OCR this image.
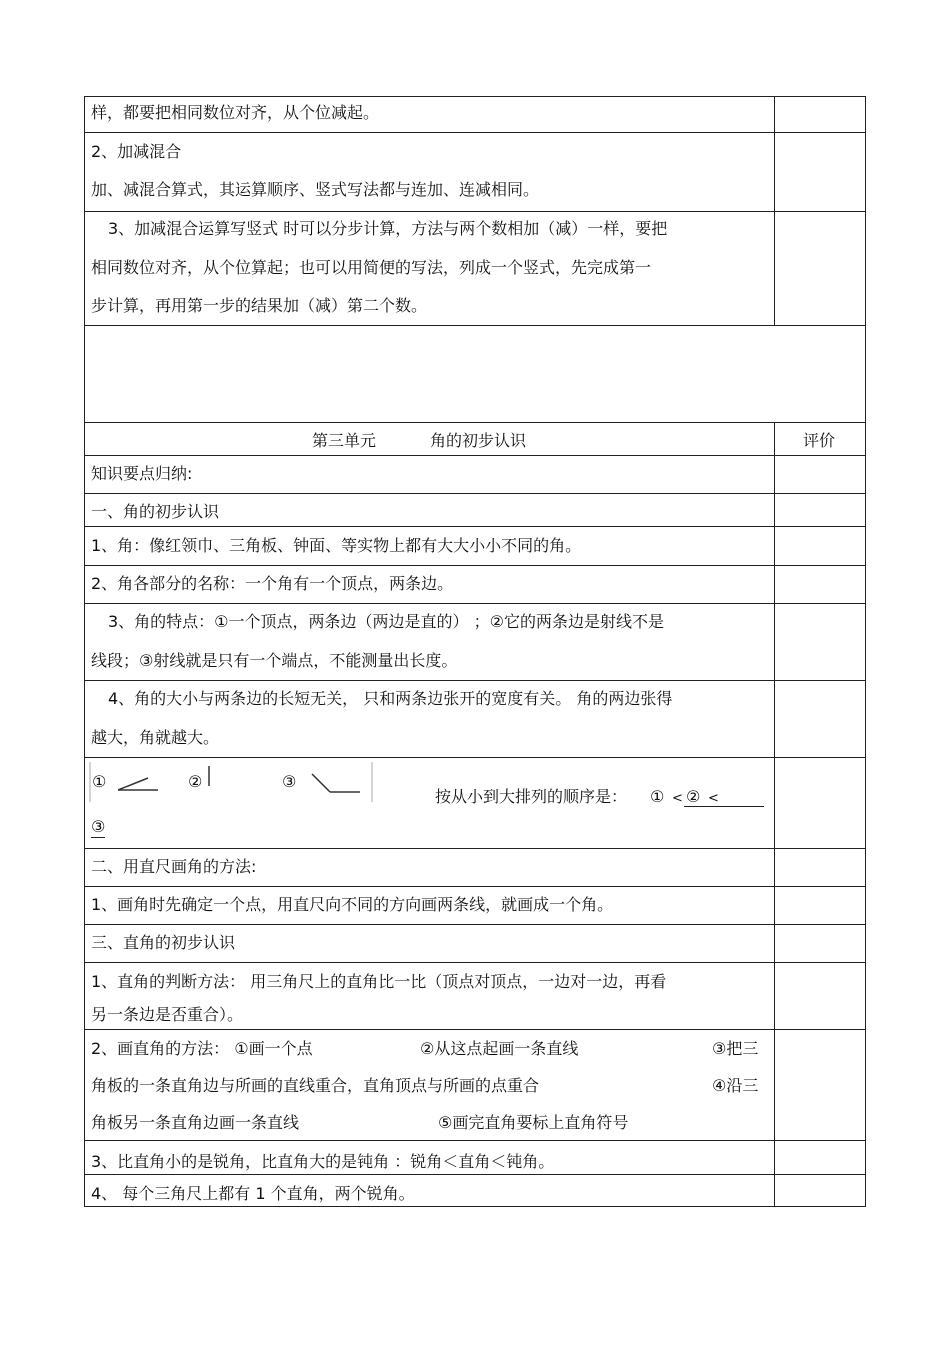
样，都要把相同数位对齐，从个位减起。
2、加减混合
加、减混合算式，其运算顺序、竖式写法都与连加、连减相同。
3、加减混合运算写竖式 时可以分步计算，方法与两个数相加（减）一样，要把
相同数位对齐，从个位算起；也可以用简便的写法，列成一个竖式，先完成第一
步计算，再用第一步的结果加（减）第二个数。
第三单元	角的初步认识	评价
知识要点归纳:
一、角的初步认识
1、角：像红领巾、三角板、钟面、等实物上都有大大小小不同的角。
2、角各部分的名称：一个角有一个顶点，两条边。
3、角的特点：①一个顶点，两条边（两边是直的） ；②它的两条边是射线不是
线段；③射线就是只有一个端点，不能测量出长度。
4、角的大小与两条边的长短无关， 只和两条边张开的宽度有关。 角的两边张得
越大，角就越大。
①	②	③
按从小到大排列的顺序是： ① < ② <
③
二、用直尺画角的方法:
1、画角时先确定一个点，用直尺向不同的方向画两条线，就画成一个角。
三、直角的初步认识
1、直角的判断方法： 用三角尺上的直角比一比（顶点对顶点，一边对一边，再看
另一条边是否重合）。
2、画直角的方法： ①画一个点	②从这点起画一条直线	③把三
角板的一条直角边与所画的直线重合，直角顶点与所画的点重合	④沿三
角板另一条直角边画一条直线	⑤画完直角要标上直角符号
3、比直角小的是锐角，比直角大的是钝角 ：锐角＜直角＜钝角。
4、 每个三角尺上都有 1 个直角，两个锐角。
